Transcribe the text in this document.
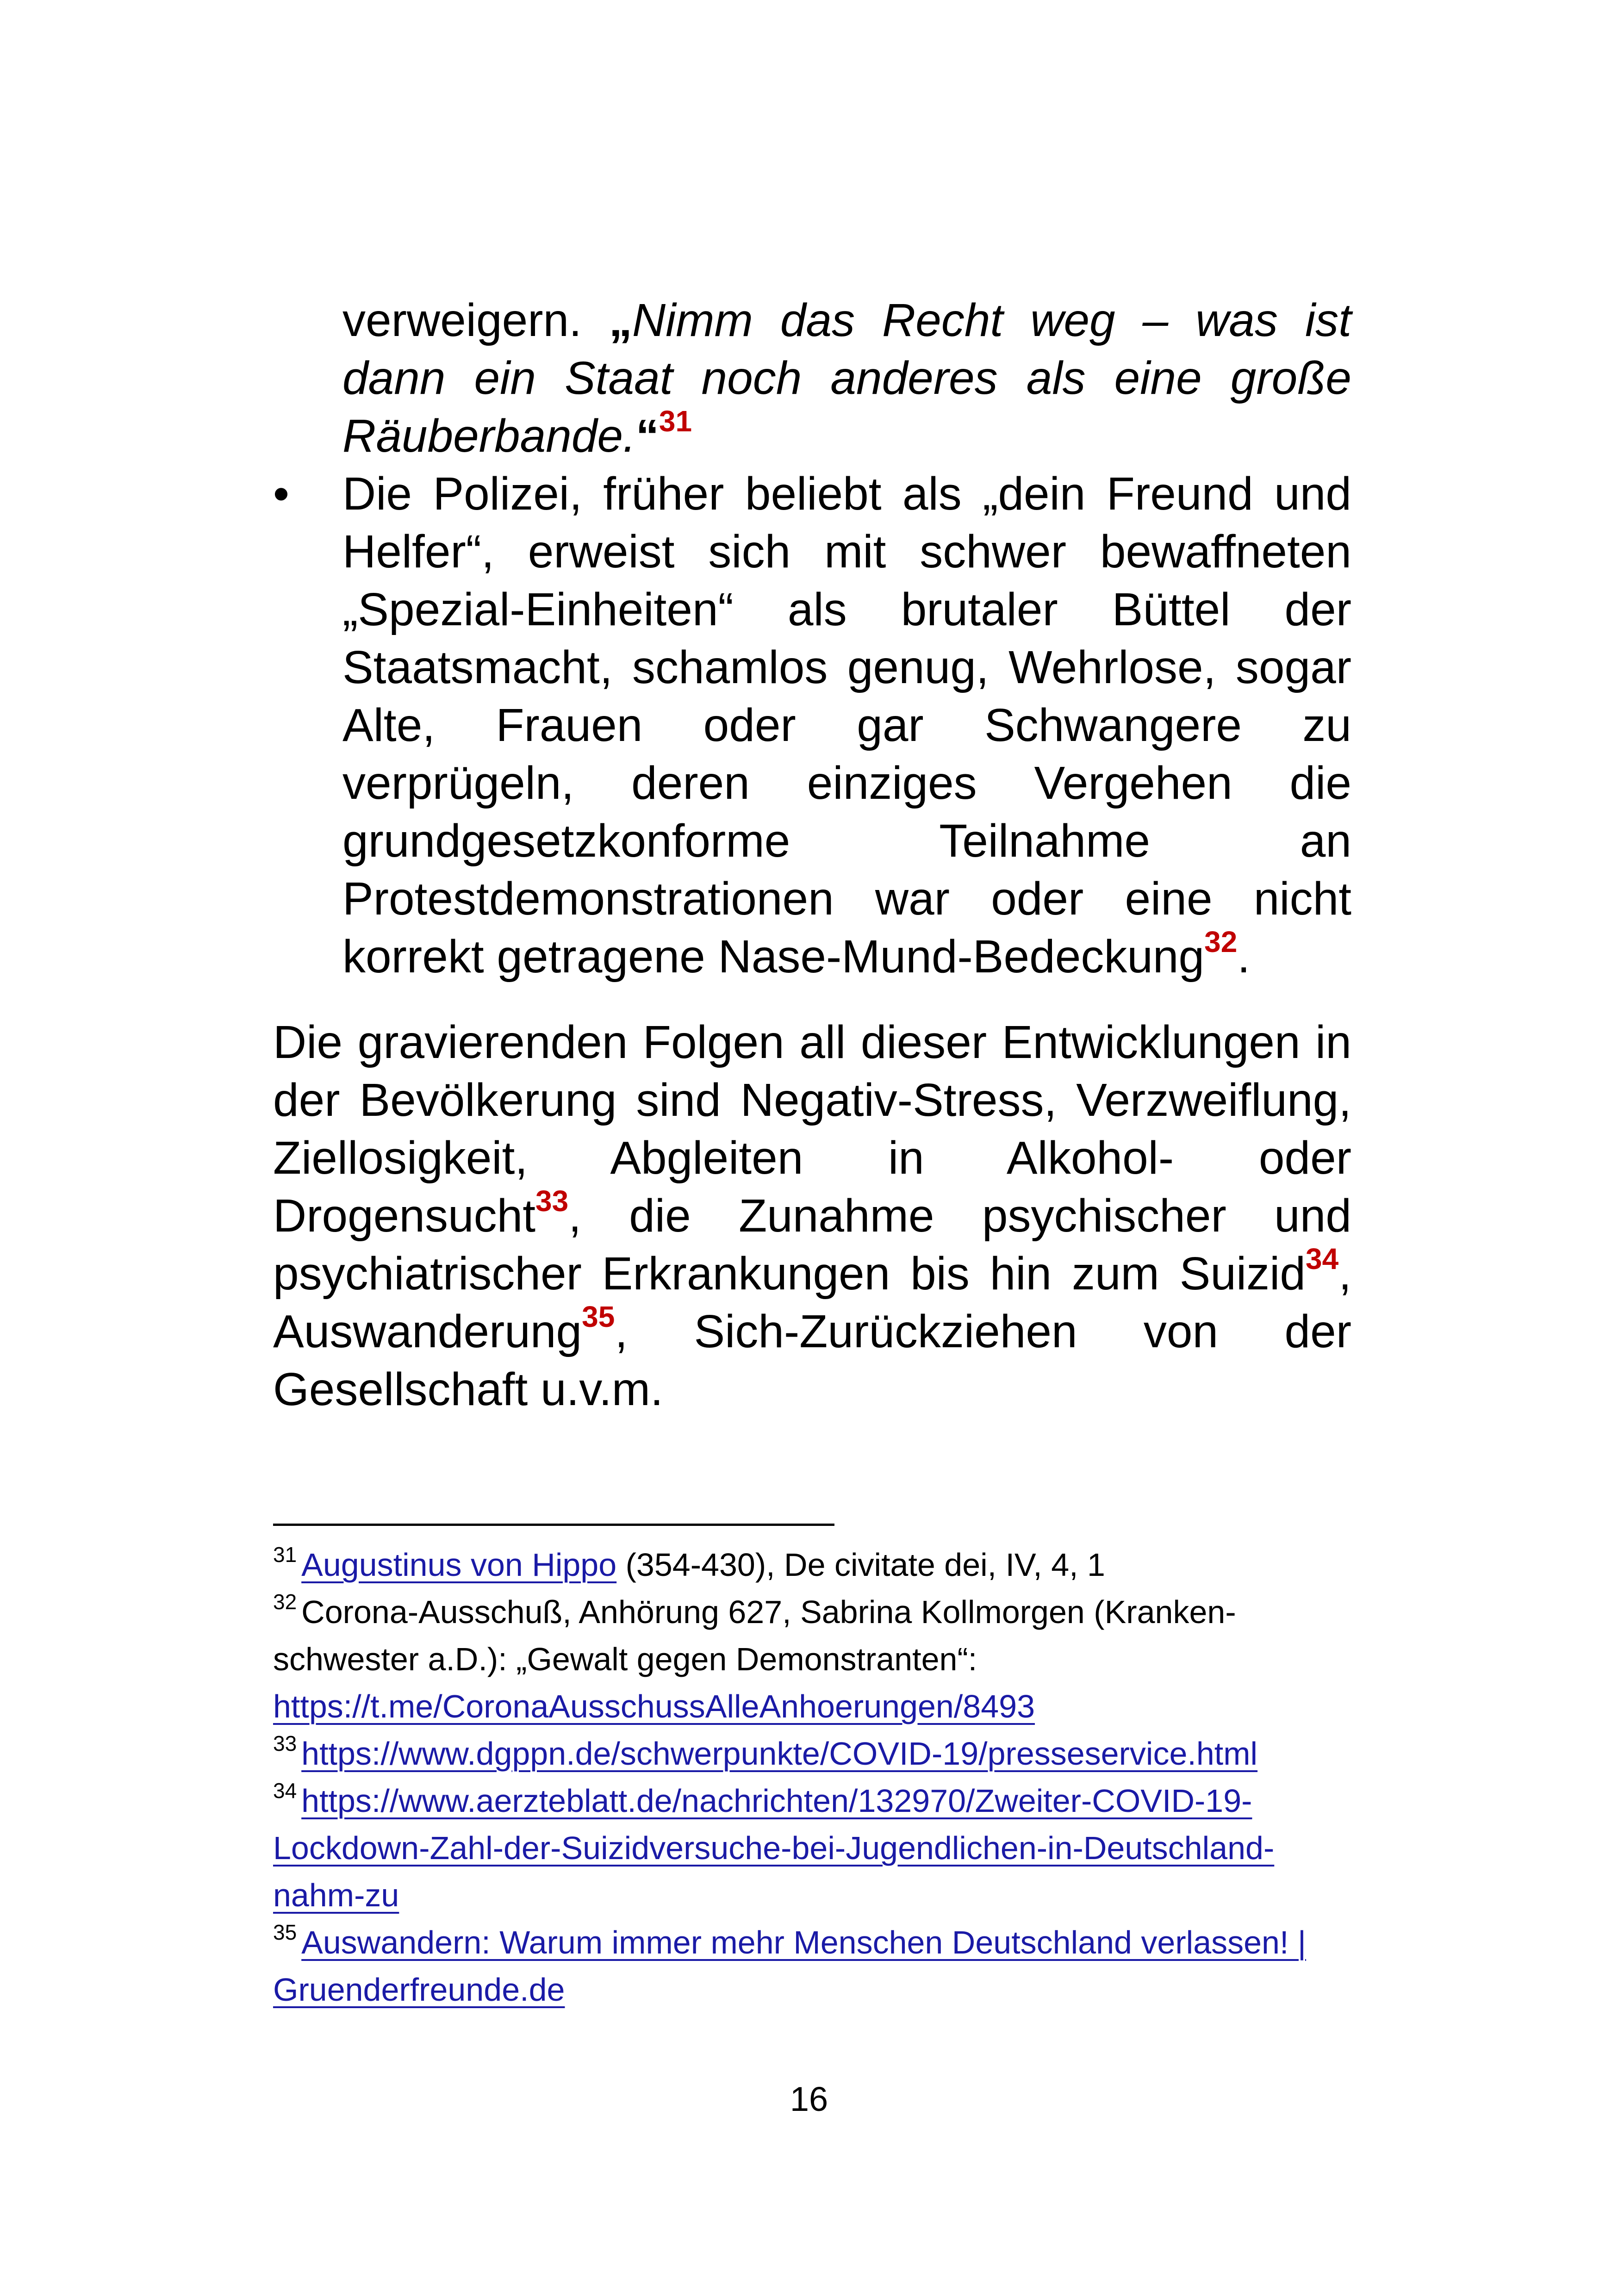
verweigern. „Nimm das Recht weg – was ist dann ein Staat noch anderes als eine große Räuberbande.“$^{31}$
• Die Polizei, früher beliebt als „dein Freund und Helfer“, erweist sich mit schwer bewaffneten „Spezial-Einheiten“ als brutaler Büttel der Staatsmacht, schamlos genug, Wehrlose, sogar Alte, Frauen oder gar Schwangere zu verprügeln, deren einziges Vergehen die grundgesetzkonforme Teilnahme an Protestdemonstrationen war oder eine nicht korrekt getragene Nase-Mund-Bedeckung$^{32}$.
Die gravierenden Folgen all dieser Entwicklungen in der Bevölkerung sind Negativ-Stress, Verzweiflung, Ziellosigkeit, Abgleiten in Alkohol- oder Drogensucht$^{33}$, die Zunahme psychischer und psychiatrischer Erkrankungen bis hin zum Suizid$^{34}$, Auswanderung$^{35}$, Sich-Zurückziehen von der Gesellschaft u.v.m.
$^{31}$ Augustinus von Hippo (354-430), De civitate dei, IV, 4, 1
$^{32}$ Corona-Ausschuß, Anhörung 627, Sabrina Kollmorgen (Kranken-schwester a.D.): „Gewalt gegen Demonstranten“: https://t.me/CoronaAusschussAlleAnhoerungen/8493
$^{33}$ https://www.dgppn.de/schwerpunkte/COVID-19/presseservice.html
$^{34}$ https://www.aerzteblatt.de/nachrichten/132970/Zweiter-COVID-19-Lockdown-Zahl-der-Suizidversuche-bei-Jugendlichen-in-Deutschland-nahm-zu
$^{35}$ Auswandern: Warum immer mehr Menschen Deutschland verlassen! | Gruenderfreunde.de
16
